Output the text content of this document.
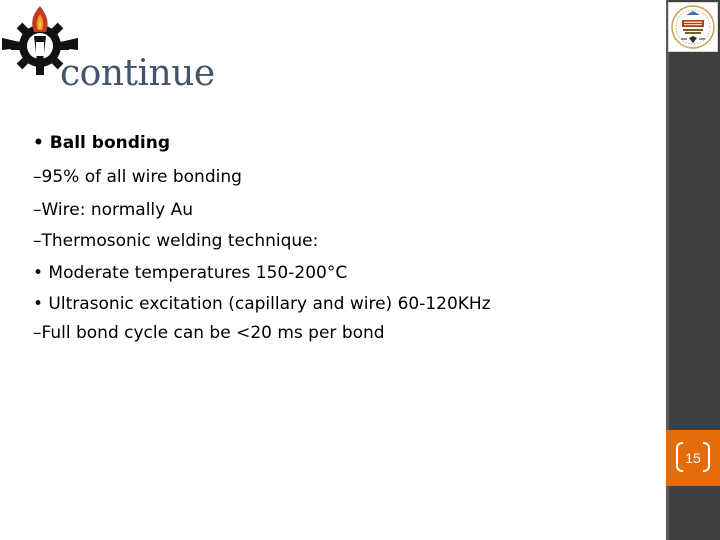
continue

• Ball bonding

–95% of all wire bonding

–Wire: normally Au

–Thermosonic welding technique:

• Moderate temperatures 150-200°C

• Ultrasonic excitation (capillary and wire) 60-120KHz

–Full bond cycle can be <20 ms per bond

15
